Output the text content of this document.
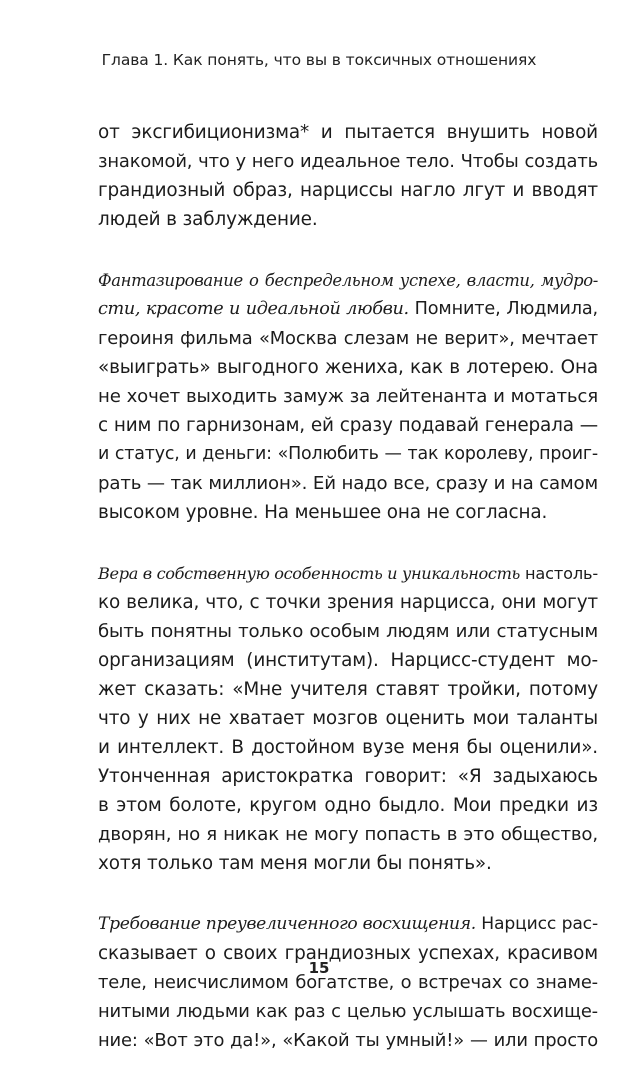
Глава 1. Как понять, что вы в токсичных отношениях
от эксгибиционизма* и пытается внушить новой
знакомой, что у него идеальное тело. Чтобы создать
грандиозный образ, нарциссы нагло лгут и вводят
людей в заблуждение.
Фантазирование о беспредельном успехе, власти, мудро-
сти, красоте и идеальной любви. Помните, Людмила,
героиня фильма «Москва слезам не верит», мечтает
«выиграть» выгодного жениха, как в лотерею. Она
не хочет выходить замуж за лейтенанта и мотаться
с ним по гарнизонам, ей сразу подавай генерала —
и статус, и деньги: «Полюбить — так королеву, проиг-
рать — так миллион». Ей надо все, сразу и на самом
высоком уровне. На меньшее она не согласна.
Вера в собственную особенность и уникальность настоль-
ко велика, что, с точки зрения нарцисса, они могут
быть понятны только особым людям или статусным
организациям (институтам). Нарцисс-студент мо-
жет сказать: «Мне учителя ставят тройки, потому
что у них не хватает мозгов оценить мои таланты
и интеллект. В достойном вузе меня бы оценили».
Утонченная аристократка говорит: «Я задыхаюсь
в этом болоте, кругом одно быдло. Мои предки из
дворян, но я никак не могу попасть в это общество,
хотя только там меня могли бы понять».
Требование преувеличенного восхищения. Нарцисс рас-
сказывает о своих грандиозных успехах, красивом
теле, неисчислимом богатстве, о встречах со знаме-
нитыми людьми как раз с целью услышать восхище-
ние: «Вот это да!», «Какой ты умный!» — или просто
15
